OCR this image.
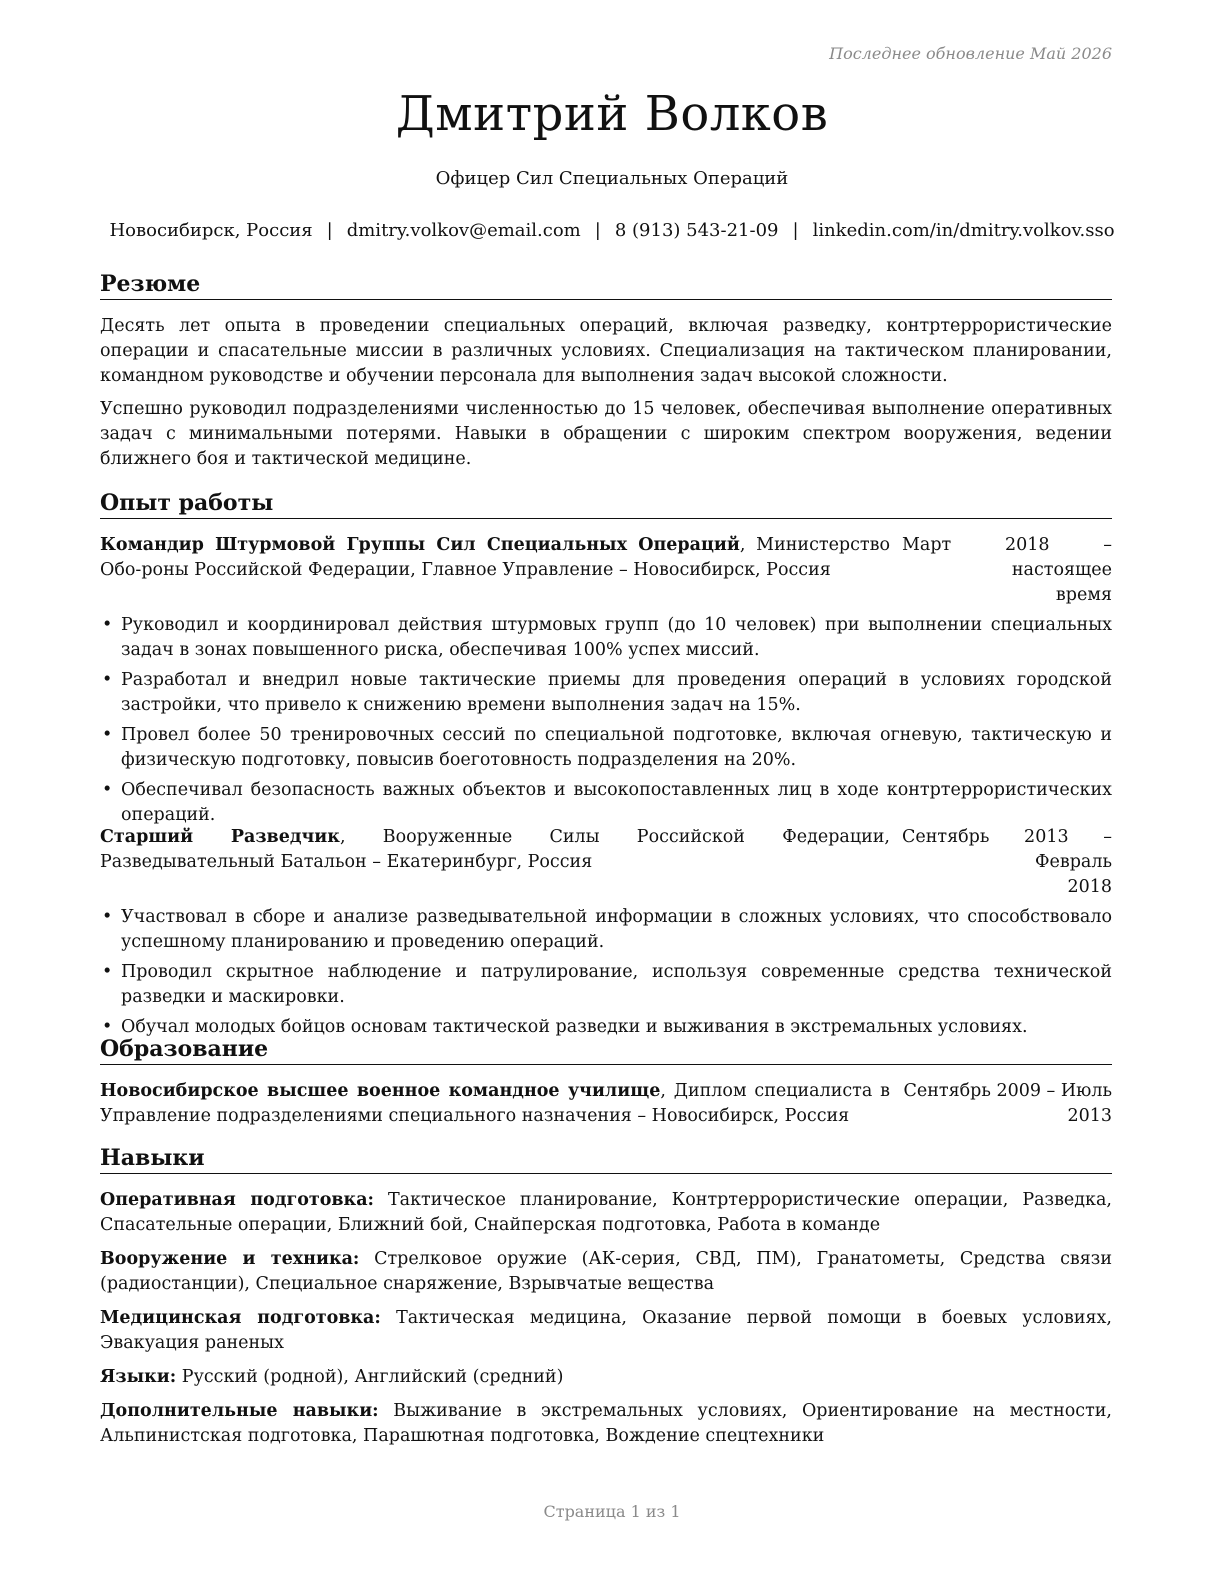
Последнее обновление Май 2026
Дмитрий Волков
Офицер Сил Специальных Операций
Новосибирск, Россия | dmitry.volkov@email.com | 8 (913) 543-21-09 | linkedin.com/in/dmitry.volkov.sso
Резюме

Десять лет опыта в проведении специальных операций, включая разведку, контртеррористические операции и спасательные миссии в различных условиях. Специализация на тактическом планировании, командном руководстве и обучении персонала для выполнения задач высокой сложности.

Успешно руководил подразделениями численностью до 15 человек, обеспечивая выполнение оперативных задач с минимальными потерями. Навыки в обращении с широким спектром вооружения, ведении ближнего боя и тактической медицине.

Опыт работы
Командир Штурмовой Группы Сил Специальных Операций, Министерство Обо-роны Российской Федерации, Главное Управление – Новосибирск, Россия
Март 2018 – настоящее
время
• Руководил и координировал действия штурмовых групп (до 10 человек) при выполнении специальных задач в зонах повышенного риска, обеспечивая 100% успех миссий.
• Разработал и внедрил новые тактические приемы для проведения операций в условиях городской застройки, что привело к снижению времени выполнения задач на 15%.
• Провел более 50 тренировочных сессий по специальной подготовке, включая огневую, тактическую и физическую подготовку, повысив боеготовность подразделения на 20%.
• Обеспечивал безопасность важных объектов и высокопоставленных лиц в ходе контртеррористических операций.
Старший Разведчик, Вооруженные Силы Российской Федерации, Разведывательный Батальон – Екатеринбург, Россия
Сентябрь 2013 – Февраль
2018
• Участвовал в сборе и анализе разведывательной информации в сложных условиях, что способствовало успешному планированию и проведению операций.
• Проводил скрытное наблюдение и патрулирование, используя современные средства технической разведки и маскировки.
• Обучал молодых бойцов основам тактической разведки и выживания в экстремальных условиях.
Образование
Новосибирское высшее военное командное училище, Диплом специалиста в Управление подразделениями специального назначения – Новосибирск, Россия
Сентябрь 2009 – Июль
2013
Навыки
Оперативная подготовка: Тактическое планирование, Контртеррористические операции, Разведка, Спасательные операции, Ближний бой, Снайперская подготовка, Работа в команде
Вооружение и техника: Стрелковое оружие (АК-серия, СВД, ПМ), Гранатометы, Средства связи (радиостанции), Специальное снаряжение, Взрывчатые вещества
Медицинская подготовка: Тактическая медицина, Оказание первой помощи в боевых условиях, Эвакуация раненых
Языки: Русский (родной), Английский (средний)
Дополнительные навыки: Выживание в экстремальных условиях, Ориентирование на местности, Альпинистская подготовка, Парашютная подготовка, Вождение спецтехники
Страница 1 из 1
